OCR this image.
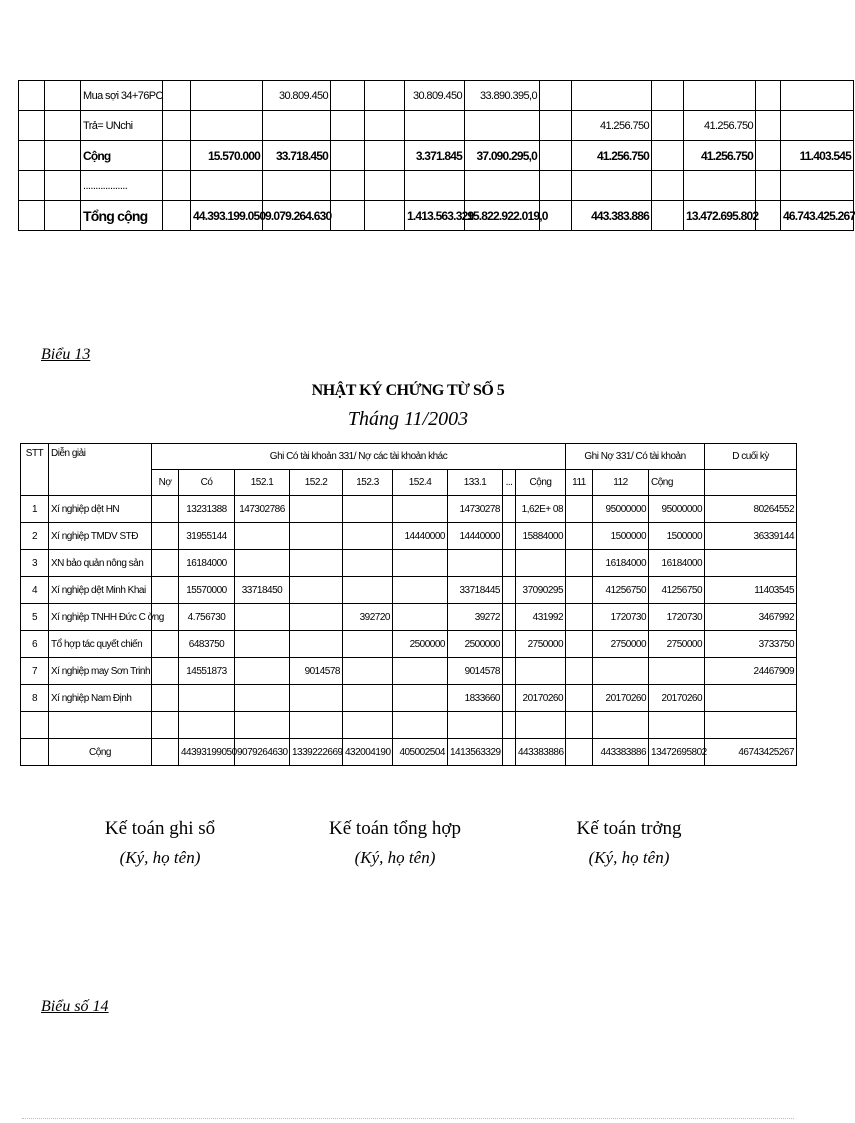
		Mua sợi 34+76PC			30.809.450			30.809.450	33.890.395,0						
		Trả= UNchi									41.256.750		41.256.750		
		Cộng		15.570.000	33.718.450			3.371.845	37.090.295,0		41.256.750		41.256.750		11.403.545
		..................													
		Tổng cộng		44.393.199.050	9.079.264.630			1.413.563.329	15.822.922.019,0		443.383.886		13.472.695.802		46.743.425.267
Biểu 13
NHẬT KÝ CHỨNG TỪ SỐ 5
Tháng 11/2003
STT	Diễn giải	Ghi Có tài khoản 331/ Nợ các tài khoản khác									Ghi Nợ 331/ Có tài khoản			D cuối kỳ	
		Nợ	Có	152.1	152.2	152.3	152.4	133.1	...	Cộng	111	112	Cộng		
1	Xí nghiệp dệt HN		13231388	147302786				14730278		1,62E+ 08		95000000	95000000		80264552
2	Xí nghiệp TMDV STĐ		31955144				14440000	14440000		15884000		1500000	1500000		36339144
3	XN bảo quản nông sản		16184000									16184000	16184000		
4	Xí nghiệp dệt Minh Khai		15570000	33718450				33718445		37090295		41256750	41256750		11403545
5	Xí nghiệp TNHH Đức C ờng		4.756730			392720		39272		431992		1720730	1720730		3467992
6	Tổ hợp tác quyết chiến		6483750				2500000	2500000		2750000		2750000	2750000		3733750
7	Xí nghiệp may Sơn Trinh		14551873		9014578			9014578							24467909
8	Xí nghiệp Nam Định							1833660		20170260		20170260	20170260		

	Cộng		44393199050	9079264630	1339222669	432004190	405002504	1413563329		443383886		443383886	13472695802		46743425267
Kế toán ghi sổ
(Ký, họ tên)
Kế toán tổng hợp
(Ký, họ tên)
Kế toán trởng
(Ký, họ tên)
Biểu số 14
